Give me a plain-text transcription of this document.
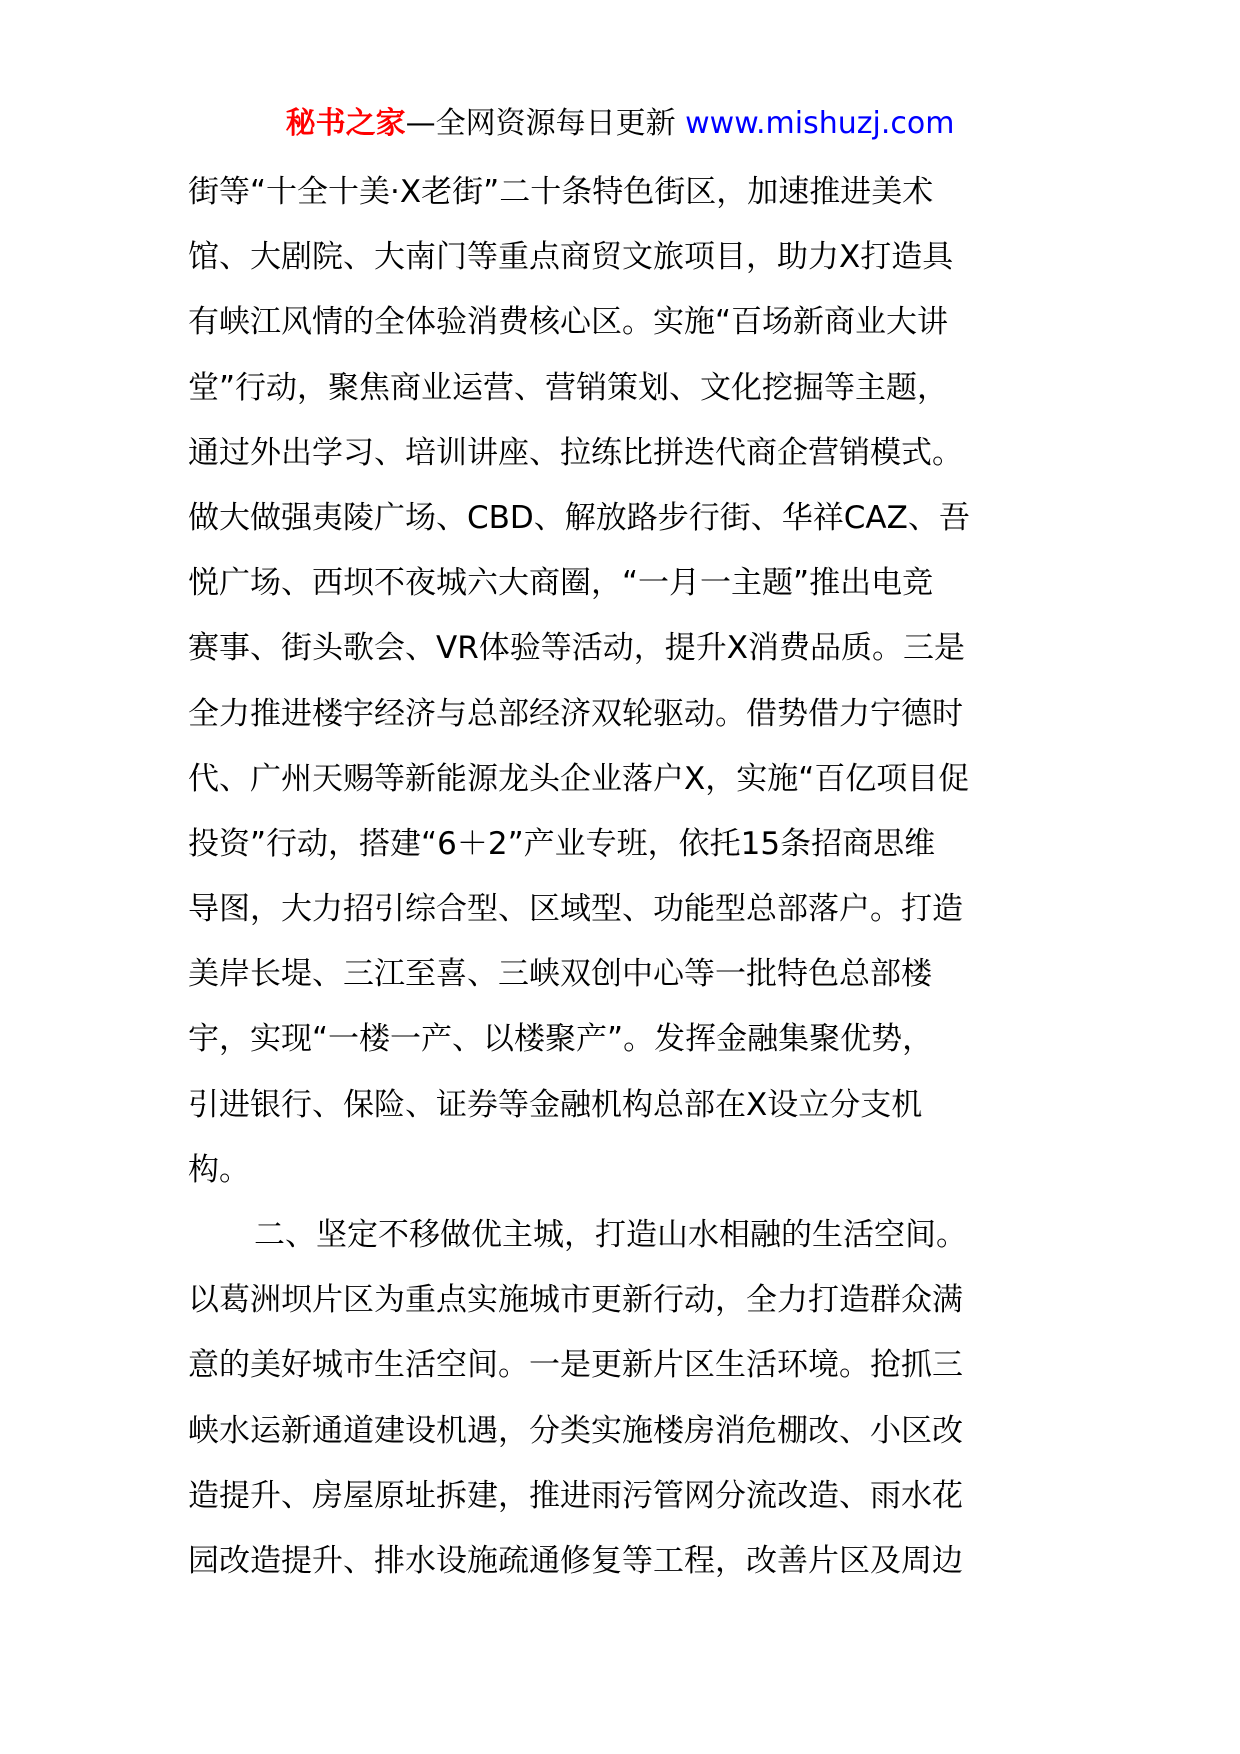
秘书之家—全网资源每日更新 www.mishuzj.com
街等“十全十美·X老街”二十条特色街区，加速推进美术
馆、大剧院、大南门等重点商贸文旅项目，助力X打造具
有峡江风情的全体验消费核心区。实施“百场新商业大讲
堂”行动，聚焦商业运营、营销策划、文化挖掘等主题，
通过外出学习、培训讲座、拉练比拼迭代商企营销模式。
做大做强夷陵广场、CBD、解放路步行街、华祥CAZ、吾
悦广场、西坝不夜城六大商圈，“一月一主题”推出电竞
赛事、街头歌会、VR体验等活动，提升X消费品质。三是
全力推进楼宇经济与总部经济双轮驱动。借势借力宁德时
代、广州天赐等新能源龙头企业落户X，实施“百亿项目促
投资”行动，搭建“6＋2”产业专班，依托15条招商思维
导图，大力招引综合型、区域型、功能型总部落户。打造
美岸长堤、三江至喜、三峡双创中心等一批特色总部楼
宇，实现“一楼一产、以楼聚产”。发挥金融集聚优势，
引进银行、保险、证券等金融机构总部在X设立分支机
构。
二、坚定不移做优主城，打造山水相融的生活空间。
以葛洲坝片区为重点实施城市更新行动，全力打造群众满
意的美好城市生活空间。一是更新片区生活环境。抢抓三
峡水运新通道建设机遇，分类实施楼房消危棚改、小区改
造提升、房屋原址拆建，推进雨污管网分流改造、雨水花
园改造提升、排水设施疏通修复等工程，改善片区及周边
